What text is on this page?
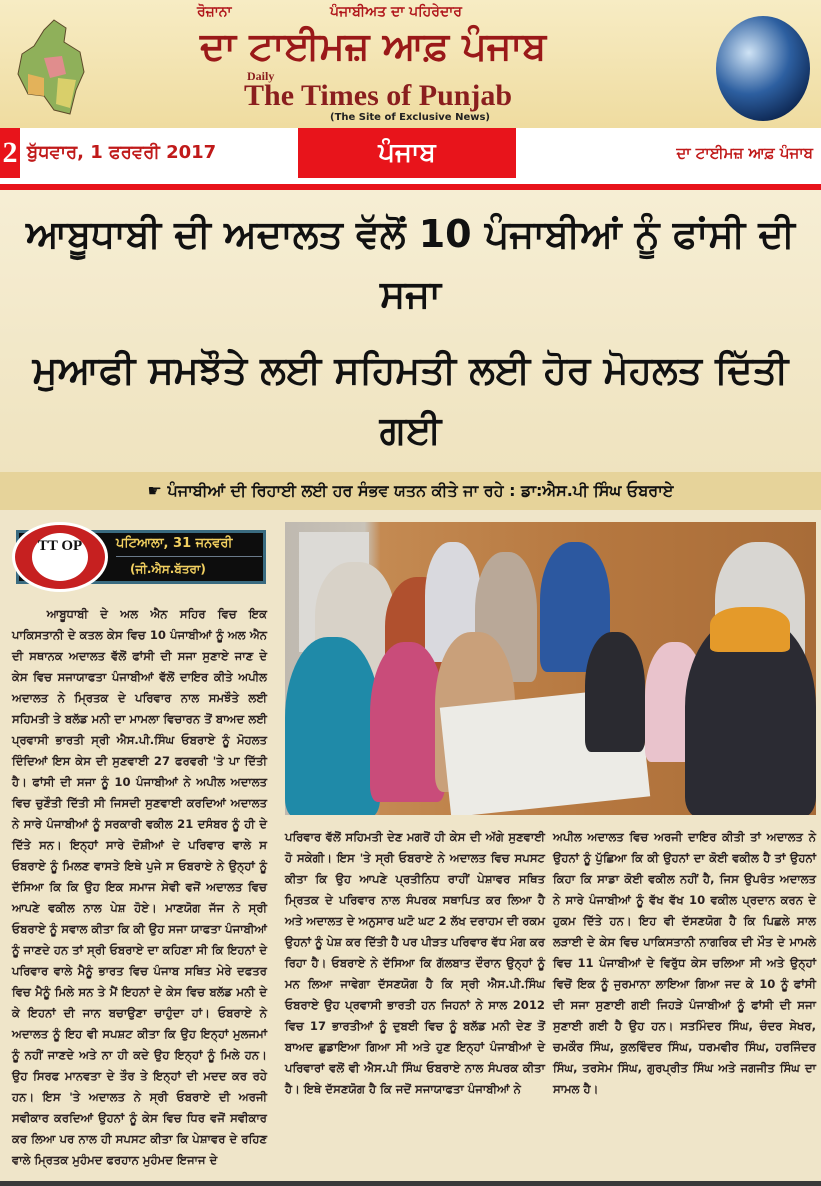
ਰੋਜ਼ਾਨਾ	ਪੰਜਾਬੀਅਤ ਦਾ ਪਹਿਰੇਦਾਰ
ਦਾ ਟਾਈਮਜ਼ ਆਫ਼ ਪੰਜਾਬ
Daily
The Times of Punjab
(The Site of Exclusive News)
2 ਬੁੱਧਵਾਰ, 1 ਫਰਵਰੀ 2017	ਪੰਜਾਬ	ਦਾ ਟਾਈਮਜ਼ ਆਫ਼ ਪੰਜਾਬ
ਆਬੂਧਾਬੀ ਦੀ ਅਦਾਲਤ ਵੱਲੋਂ 10 ਪੰਜਾਬੀਆਂ ਨੂੰ ਫਾਂਸੀ ਦੀ ਸਜਾ
ਮੁਆਫੀ ਸਮਝੌਤੇ ਲਈ ਸਹਿਮਤੀ ਲਈ ਹੋਰ ਮੋਹਲਤ ਦਿੱਤੀ ਗਈ
☛ ਪੰਜਾਬੀਆਂ ਦੀ ਰਿਹਾਈ ਲਈ ਹਰ ਸੰਭਵ ਯਤਨ ਕੀਤੇ ਜਾ ਰਹੇ : ਡਾ:ਐਸ.ਪੀ ਸਿੰਘ ਓਬਰਾਏ
TT OP	ਪਟਿਆਲਾ, 31 ਜਨਵਰੀ
(ਜੀ.ਐਸ.ਬੱਤਰਾ)
ਆਬੂਧਾਬੀ ਦੇ ਅਲ ਐਨ ਸਹਿਰ ਵਿਚ ਇਕ ਪਾਕਿਸਤਾਨੀ ਦੇ ਕਤਲ ਕੇਸ ਵਿਚ 10 ਪੰਜਾਬੀਆਂ ਨੂੰ ਅਲ ਐਨ ਦੀ ਸਥਾਨਕ ਅਦਾਲਤ ਵੱਲੋਂ ਫਾਂਸੀ ਦੀ ਸਜਾ ਸੁਣਾਏ ਜਾਣ ਦੇ ਕੇਸ ਵਿਚ ਸਜਾਯਾਫਤਾ ਪੰਜਾਬੀਆਂ ਵੱਲੋਂ ਦਾਇਰ ਕੀਤੇ ਅਪੀਲ ਅਦਾਲਤ ਨੇ ਮ੍ਰਿਤਕ ਦੇ ਪਰਿਵਾਰ ਨਾਲ ਸਮਝੌਤੇ ਲਈ ਸਹਿਮਤੀ ਤੇ ਬਲੱਡ ਮਨੀ ਦਾ ਮਾਮਲਾ ਵਿਚਾਰਨ ਤੋਂ ਬਾਅਦ ਲਈ ਪ੍ਰਵਾਸੀ ਭਾਰਤੀ ਸ੍ਰੀ ਐਸ.ਪੀ.ਸਿੰਘ ਓਬਰਾਏ ਨੂੰ ਮੋਹਲਤ ਦਿੰਦਿਆਂ ਇਸ ਕੇਸ ਦੀ ਸੁਣਵਾਈ 27 ਫਰਵਰੀ 'ਤੇ ਪਾ ਦਿੱਤੀ ਹੈ। ਫਾਂਸੀ ਦੀ ਸਜਾ ਨੂੰ 10 ਪੰਜਾਬੀਆਂ ਨੇ ਅਪੀਲ ਅਦਾਲਤ ਵਿਚ ਚੁਣੌਤੀ ਦਿੱਤੀ ਸੀ ਜਿਸਦੀ ਸੁਣਵਾਈ ਕਰਦਿਆਂ ਅਦਾਲਤ ਨੇ ਸਾਰੇ ਪੰਜਾਬੀਆਂ ਨੂੰ ਸਰਕਾਰੀ ਵਕੀਲ 21 ਦਸੰਬਰ ਨੂੰ ਹੀ ਦੇ ਦਿੱਤੇ ਸਨ। ਇਨ੍ਹਾਂ ਸਾਰੇ ਦੋਸ਼ੀਆਂ ਦੇ ਪਰਿਵਾਰ ਵਾਲੇ ਸ ਓਬਰਾਏ ਨੂੰ ਮਿਲਣ ਵਾਸਤੇ ਇਥੇ ਪੁਜੇ ਸ ਓਬਰਾਏ ਨੇ ਉਨ੍ਹਾਂ ਨੂੰ ਦੱਸਿਆ ਕਿ ਕਿ ਉਹ ਇਕ ਸਮਾਜ ਸੇਵੀ ਵਜੋਂ ਅਦਾਲਤ ਵਿਚ ਆਪਣੇ ਵਕੀਲ ਨਾਲ ਪੇਸ਼ ਹੋਏ। ਮਾਣਯੋਗ ਜੱਜ ਨੇ ਸ੍ਰੀ ਓਬਰਾਏ ਨੂੰ ਸਵਾਲ ਕੀਤਾ ਕਿ ਕੀ ਉਹ ਸਜਾ ਯਾਫਤਾ ਪੰਜਾਬੀਆਂ ਨੂੰ ਜਾਣਦੇ ਹਨ ਤਾਂ ਸ੍ਰੀ ਓਬਰਾਏ ਦਾ ਕਹਿਣਾ ਸੀ ਕਿ ਇਹਨਾਂ ਦੇ ਪਰਿਵਾਰ ਵਾਲੇ ਮੈਨੂੰ ਭਾਰਤ ਵਿਚ ਪੰਜਾਬ ਸਥਿਤ ਮੇਰੇ ਦਫਤਰ ਵਿਚ ਮੈਨੂੰ ਮਿਲੇ ਸਨ ਤੇ ਮੈਂ ਇਹਨਾਂ ਦੇ ਕੇਸ ਵਿਚ ਬਲੱਡ ਮਨੀ ਦੇ ਕੇ ਇਹਨਾਂ ਦੀ ਜਾਨ ਬਚਾਉਣਾ ਚਾਹੁੰਦਾ ਹਾਂ। ਓਬਰਾਏ ਨੇ ਅਦਾਲਤ ਨੂੰ ਇਹ ਵੀ ਸਪਸ਼ਟ ਕੀਤਾ ਕਿ ਉਹ ਇਨ੍ਹਾਂ ਮੁਲਜਮਾਂ ਨੂੰ ਨਹੀਂ ਜਾਣਦੇ ਅਤੇ ਨਾ ਹੀ ਕਦੇ ਉਹ ਇਨ੍ਹਾਂ ਨੂੰ ਮਿਲੇ ਹਨ। ਉਹ ਸਿਰਫ ਮਾਨਵਤਾ ਦੇ ਤੌਰ ਤੇ ਇਨ੍ਹਾਂ ਦੀ ਮਦਦ ਕਰ ਰਹੇ ਹਨ। ਇਸ 'ਤੇ ਅਦਾਲਤ ਨੇ ਸ੍ਰੀ ਓਬਰਾਏ ਦੀ ਅਰਜੀ ਸਵੀਕਾਰ ਕਰਦਿਆਂ ਉਹਨਾਂ ਨੂੰ ਕੇਸ ਵਿਚ ਧਿਰ ਵਜੋਂ ਸਵੀਕਾਰ ਕਰ ਲਿਆ ਪਰ ਨਾਲ ਹੀ ਸਪਸਟ ਕੀਤਾ ਕਿ ਪੇਸ਼ਾਵਰ ਦੇ ਰਹਿਣ ਵਾਲੇ ਮ੍ਰਿਤਕ ਮੁਹੰਮਦ ਫਰਹਾਨ ਮੁਹੰਮਦ ਇਜਾਜ ਦੇ
ਪਰਿਵਾਰ ਵੱਲੋਂ ਸਹਿਮਤੀ ਦੇਣ ਮਗਰੋਂ ਹੀ ਕੇਸ ਦੀ ਅੱਗੇ ਸੁਣਵਾਈ ਹੋ ਸਕੇਗੀ। ਇਸ 'ਤੇ ਸ੍ਰੀ ਓਬਰਾਏ ਨੇ ਅਦਾਲਤ ਵਿਚ ਸਪਸਟ ਕੀਤਾ ਕਿ ਉਹ ਆਪਣੇ ਪ੍ਰਤੀਨਿਧ ਰਾਹੀਂ ਪੇਸ਼ਾਵਰ ਸਥਿਤ ਮ੍ਰਿਤਕ ਦੇ ਪਰਿਵਾਰ ਨਾਲ ਸੰਪਰਕ ਸਥਾਪਿਤ ਕਰ ਲਿਆ ਹੈ ਅਤੇ ਅਦਾਲਤ ਦੇ ਅਨੁਸਾਰ ਘਟੋ ਘਟ 2 ਲੱਖ ਦਰਾਹਮ ਦੀ ਰਕਮ ਉਹਨਾਂ ਨੂੰ ਪੇਸ਼ ਕਰ ਦਿੱਤੀ ਹੈ ਪਰ ਪੀੜਤ ਪਰਿਵਾਰ ਵੱਧ ਮੰਗ ਕਰ ਰਿਹਾ ਹੈ। ਓਬਰਾਏ ਨੇ ਦੱਸਿਆ ਕਿ ਗੱਲਬਾਤ ਦੌਰਾਨ ਉਨ੍ਹਾਂ ਨੂੰ ਮਨ ਲਿਆ ਜਾਵੇਗਾ ਦੱਸਣਯੋਗ ਹੈ ਕਿ ਸ੍ਰੀ ਐਸ.ਪੀ.ਸਿੰਘ ਓਬਰਾਏ ਉਹ ਪ੍ਰਵਾਸੀ ਭਾਰਤੀ ਹਨ ਜਿਹਨਾਂ ਨੇ ਸਾਲ 2012 ਵਿਚ 17 ਭਾਰਤੀਆਂ ਨੂੰ ਦੁਬਈ ਵਿਚ ਨੂੰ ਬਲੱਡ ਮਨੀ ਦੇਣ ਤੋਂ ਬਾਅਦ ਛੁਡਾਇਆ ਗਿਆ ਸੀ ਅਤੇ ਹੁਣ ਇਨ੍ਹਾਂ ਪੰਜਾਬੀਆਂ ਦੇ ਪਰਿਵਾਰਾਂ ਵਲੋਂ ਵੀ ਐਸ.ਪੀ ਸਿੰਘ ਓਬਰਾਏ ਨਾਲ ਸੰਪਰਕ ਕੀਤਾ ਹੈ। ਇਥੇ ਦੱਸਣਯੋਗ ਹੈ ਕਿ ਜਦੋਂ ਸਜਾਯਾਫਤਾ ਪੰਜਾਬੀਆਂ ਨੇ
ਅਪੀਲ ਅਦਾਲਤ ਵਿਚ ਅਰਜੀ ਦਾਇਰ ਕੀਤੀ ਤਾਂ ਅਦਾਲਤ ਨੇ ਉਹਨਾਂ ਨੂੰ ਪੁੱਛਿਆ ਕਿ ਕੀ ਉਹਨਾਂ ਦਾ ਕੋਈ ਵਕੀਲ ਹੈ ਤਾਂ ਉਹਨਾਂ ਕਿਹਾ ਕਿ ਸਾਡਾ ਕੋਈ ਵਕੀਲ ਨਹੀਂ ਹੈ, ਜਿਸ ਉਪਰੰਤ ਅਦਾਲਤ ਨੇ ਸਾਰੇ ਪੰਜਾਬੀਆਂ ਨੂੰ ਵੱਖ ਵੱਖ 10 ਵਕੀਲ ਪ੍ਰਦਾਨ ਕਰਨ ਦੇ ਹੁਕਮ ਦਿੱਤੇ ਹਨ। ਇਹ ਵੀ ਦੱਸਣਯੋਗ ਹੈ ਕਿ ਪਿਛਲੇ ਸਾਲ ਲੜਾਈ ਦੇ ਕੇਸ ਵਿਚ ਪਾਕਿਸਤਾਨੀ ਨਾਗਰਿਕ ਦੀ ਮੌਤ ਦੇ ਮਾਮਲੇ ਵਿਚ 11 ਪੰਜਾਬੀਆਂ ਦੇ ਵਿਰੁੱਧ ਕੇਸ ਚਲਿਆ ਸੀ ਅਤੇ ਉਨ੍ਹਾਂ ਵਿਚੋਂ ਇਕ ਨੂੰ ਜੁਰਮਾਨਾ ਲਾਇਆ ਗਿਆ ਜਦ ਕੇ 10 ਨੂੰ ਫਾਂਸੀ ਦੀ ਸਜਾ ਸੁਣਾਈ ਗਈ ਜਿਹੜੇ ਪੰਜਾਬੀਆਂ ਨੂੰ ਫਾਂਸੀ ਦੀ ਸਜਾ ਸੁਣਾਈ ਗਈ ਹੈ ਉਹ ਹਨ। ਸਤਮਿੰਦਰ ਸਿੰਘ, ਚੰਦਰ ਸੇਖਰ, ਚਮਕੌਰ ਸਿੰਘ, ਕੁਲਵਿੰਦਰ ਸਿੰਘ, ਧਰਮਵੀਰ ਸਿੰਘ, ਹਰਜਿੰਦਰ ਸਿੰਘ, ਤਰਸੇਮ ਸਿੰਘ, ਗੁਰਪ੍ਰੀਤ ਸਿੰਘ ਅਤੇ ਜਗਜੀਤ ਸਿੰਘ ਦਾ ਸਾਮਲ ਹੈ।
